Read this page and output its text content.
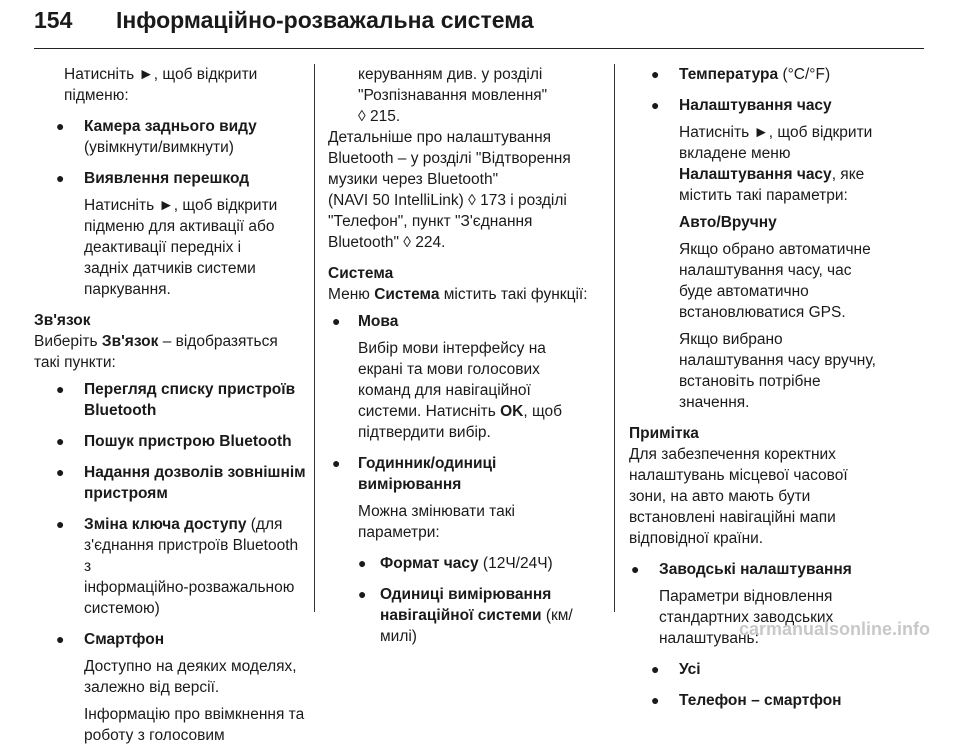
154 Інформаційно-розважальна система

Натисніть ►, щоб відкрити

підменю:

● Камера заднього виду

(увімкнути/вимкнути)

● Виявлення перешкод

Натисніть ►, щоб відкрити

підменю для активації або

деактивації передніх і

задніх датчиків системи

паркування.

Зв'язок

Виберіть Зв'язок – відобразяться

такі пункти:

● Перегляд списку пристроїв

Bluetooth

● Пошук пристрою Bluetooth

● Надання дозволів зовнішнім

пристроям

● Зміна ключа доступу (для

з'єднання пристроїв Bluetooth з

інформаційно-розважальною

системою)

● Смартфон

Доступно на деяких моделях,

залежно від версії.

Інформацію про ввімкнення та

роботу з голосовим

керуванням див. у розділі

"Розпізнавання мовлення"

◊ 215.

Детальніше про налаштування

Bluetooth – у розділі "Відтворення

музики через Bluetooth"

(NAVI 50 IntelliLink) ◊ 173 і розділі

"Телефон", пункт "З'єднання

Bluetooth" ◊ 224.

Система

Меню Система містить такі функції:

● Мова

Вибір мови інтерфейсу на

екрані та мови голосових

команд для навігаційної

системи. Натисніть OK, щоб

підтвердити вибір.

● Годинник/одиниці вимірювання

Можна змінювати такі

параметри:

● Формат часу (12Ч/24Ч)

● Одиниці вимірювання

навігаційної системи (км/

милі)

● Температура (°C/°F)

● Налаштування часу

Натисніть ►, щоб відкрити

вкладене меню

Налаштування часу, яке

містить такі параметри:

Авто/Вручну

Якщо обрано автоматичне

налаштування часу, час

буде автоматично

встановлюватися GPS.

Якщо вибрано

налаштування часу вручну,

встановіть потрібне

значення.

Примітка

Для забезпечення коректних

налаштувань місцевої часової

зони, на авто мають бути

встановлені навігаційні мапи

відповідної країни.

● Заводські налаштування

Параметри відновлення

стандартних заводських

налаштувань:

● Усі

● Телефон – смартфон

carmanualsonline.info
